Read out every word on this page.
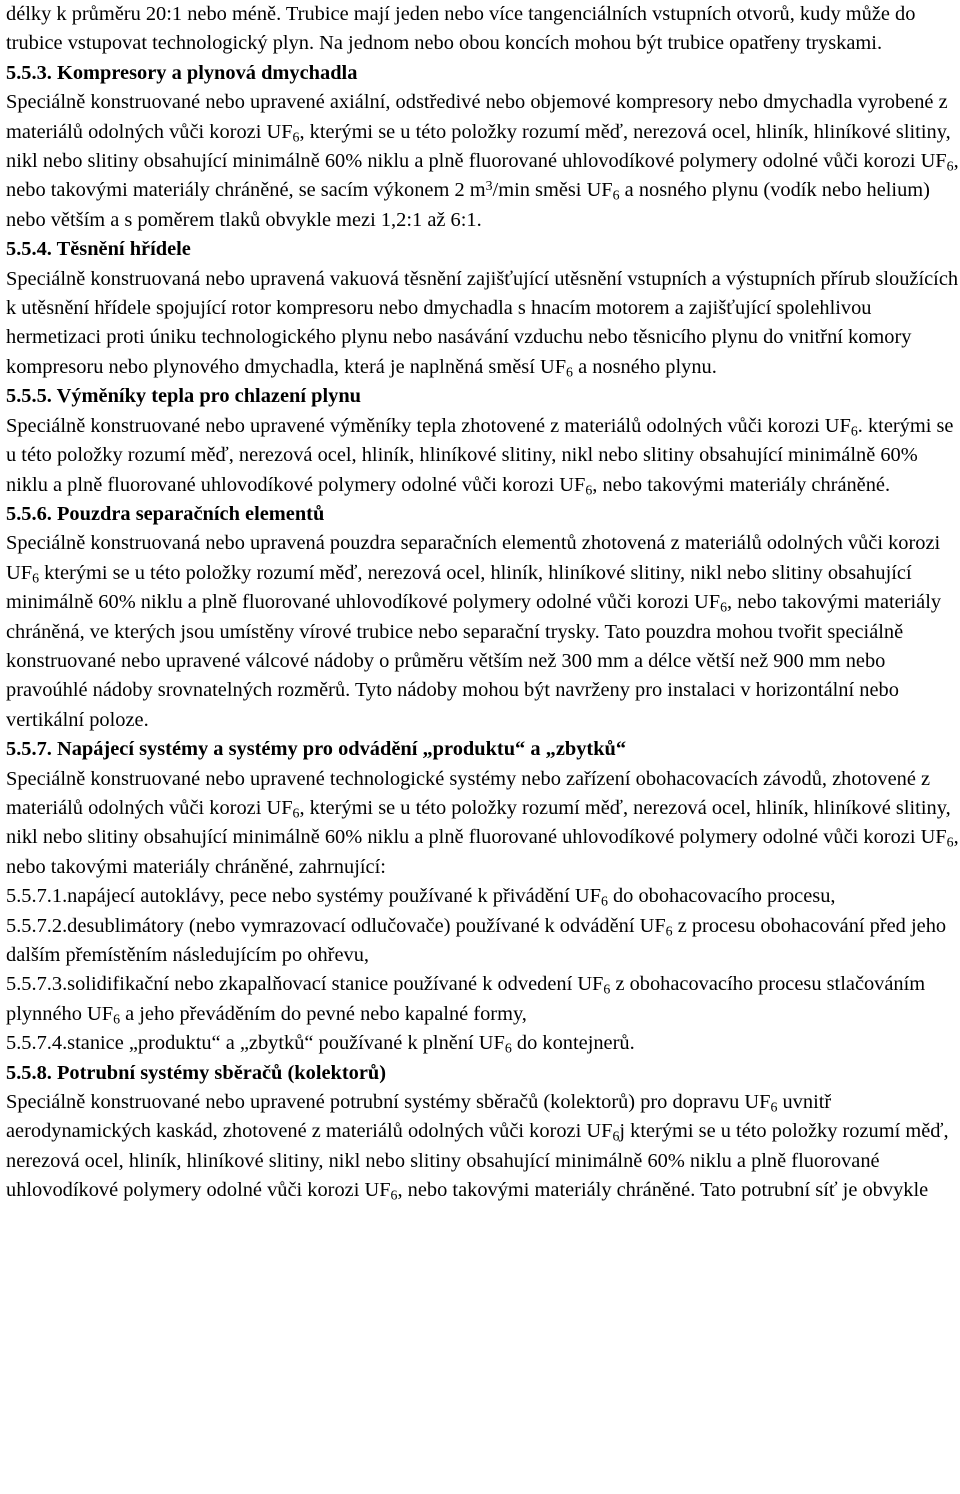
délky k průměru 20:1 nebo méně. Trubice mají jeden nebo více tangenciálních vstupních otvorů, kudy může do trubice vstupovat technologický plyn. Na jednom nebo obou koncích mohou být trubice opatřeny tryskami.

5.5.3. Kompresory a plynová dmychadla

Speciálně konstruované nebo upravené axiální, odstředivé nebo objemové kompresory nebo dmychadla vyrobené z materiálů odolných vůči korozi $UF_6$, kterými se u této položky rozumí měď, nerezová ocel, hliník, hliníkové slitiny, nikl nebo slitiny obsahující minimálně 60% niklu a plně fluorované uhlovodíkové polymery odolné vůči korozi $UF_6$, nebo takovými materiály chráněné, se sacím výkonem 2 $m^3/\min$ směsi $UF_6$ a nosného plynu (vodík nebo helium) nebo větším a s poměrem tlaků obvykle mezi 1,2:1 až 6:1.

5.5.4. Těsnění hřídele

Speciálně konstruovaná nebo upravená vakuová těsnění zajišťující utěsnění vstupních a výstupních přírub sloužících k utěsnění hřídele spojující rotor kompresoru nebo dmychadla s hnacím motorem a zajišťující spolehlivou hermetizaci proti úniku technologického plynu nebo nasávání vzduchu nebo těsnicího plynu do vnitřní komory kompresoru nebo plynového dmychadla, která je naplněná směsí $UF_6$ a nosného plynu.

5.5.5. Výměníky tepla pro chlazení plynu

Speciálně konstruované nebo upravené výměníky tepla zhotovené z materiálů odolných vůči korozi $UF_6$. kterými se u této položky rozumí měď, nerezová ocel, hliník, hliníkové slitiny, nikl nebo slitiny obsahující minimálně 60% niklu a plně fluorované uhlovodíkové polymery odolné vůči korozi $UF_6$, nebo takovými materiály chráněné.

5.5.6. Pouzdra separačních elementů

Speciálně konstruovaná nebo upravená pouzdra separačních elementů zhotovená z materiálů odolných vůči korozi $UF_6$ kterými se u této položky rozumí měď, nerezová ocel, hliník, hliníkové slitiny, nikl nebo slitiny obsahující minimálně 60% niklu a plně fluorované uhlovodíkové polymery odolné vůči korozi $UF_6$, nebo takovými materiály chráněná, ve kterých jsou umístěny vírové trubice nebo separační trysky. Tato pouzdra mohou tvořit speciálně konstruované nebo upravené válcové nádoby o průměru větším než 300 mm a délce větší než 900 mm nebo pravoúhlé nádoby srovnatelných rozměrů. Tyto nádoby mohou být navrženy pro instalaci v horizontální nebo vertikální poloze.

5.5.7. Napájecí systémy a systémy pro odvádění „produktu“ a „zbytků“

Speciálně konstruované nebo upravené technologické systémy nebo zařízení obohacovacích závodů, zhotovené z materiálů odolných vůči korozi $UF_6$, kterými se u této položky rozumí měď, nerezová ocel, hliník, hliníkové slitiny, nikl nebo slitiny obsahující minimálně 60% niklu a plně fluorované uhlovodíkové polymery odolné vůči korozi $UF_6$, nebo takovými materiály chráněné, zahrnující:

5.5.7.1.napájecí autoklávy, pece nebo systémy používané k přivádění $UF_6$ do obohacovacího procesu,

5.5.7.2.desublimátory (nebo vymrazovací odlučovače) používané k odvádění $UF_6$ z procesu obohacování před jeho dalším přemístěním následujícím po ohřevu,

5.5.7.3.solidifikační nebo zkapalňovací stanice používané k odvedení $UF_6$ z obohacovacího procesu stlačováním plynného $UF_6$ a jeho převáděním do pevné nebo kapalné formy,

5.5.7.4.stanice „produktu“ a „zbytků“ používané k plnění $UF_6$ do kontejnerů.

5.5.8. Potrubní systémy sběračů (kolektorů)

Speciálně konstruované nebo upravené potrubní systémy sběračů (kolektorů) pro dopravu $UF_6$ uvnitř aerodynamických kaskád, zhotovené z materiálů odolných vůči korozi $UF_6j$ kterými se u této položky rozumí měď, nerezová ocel, hliník, hliníkové slitiny, nikl nebo slitiny obsahující minimálně 60% niklu a plně fluorované uhlovodíkové polymery odolné vůči korozi $UF_6$, nebo takovými materiály chráněné. Tato potrubní síť je obvykle
